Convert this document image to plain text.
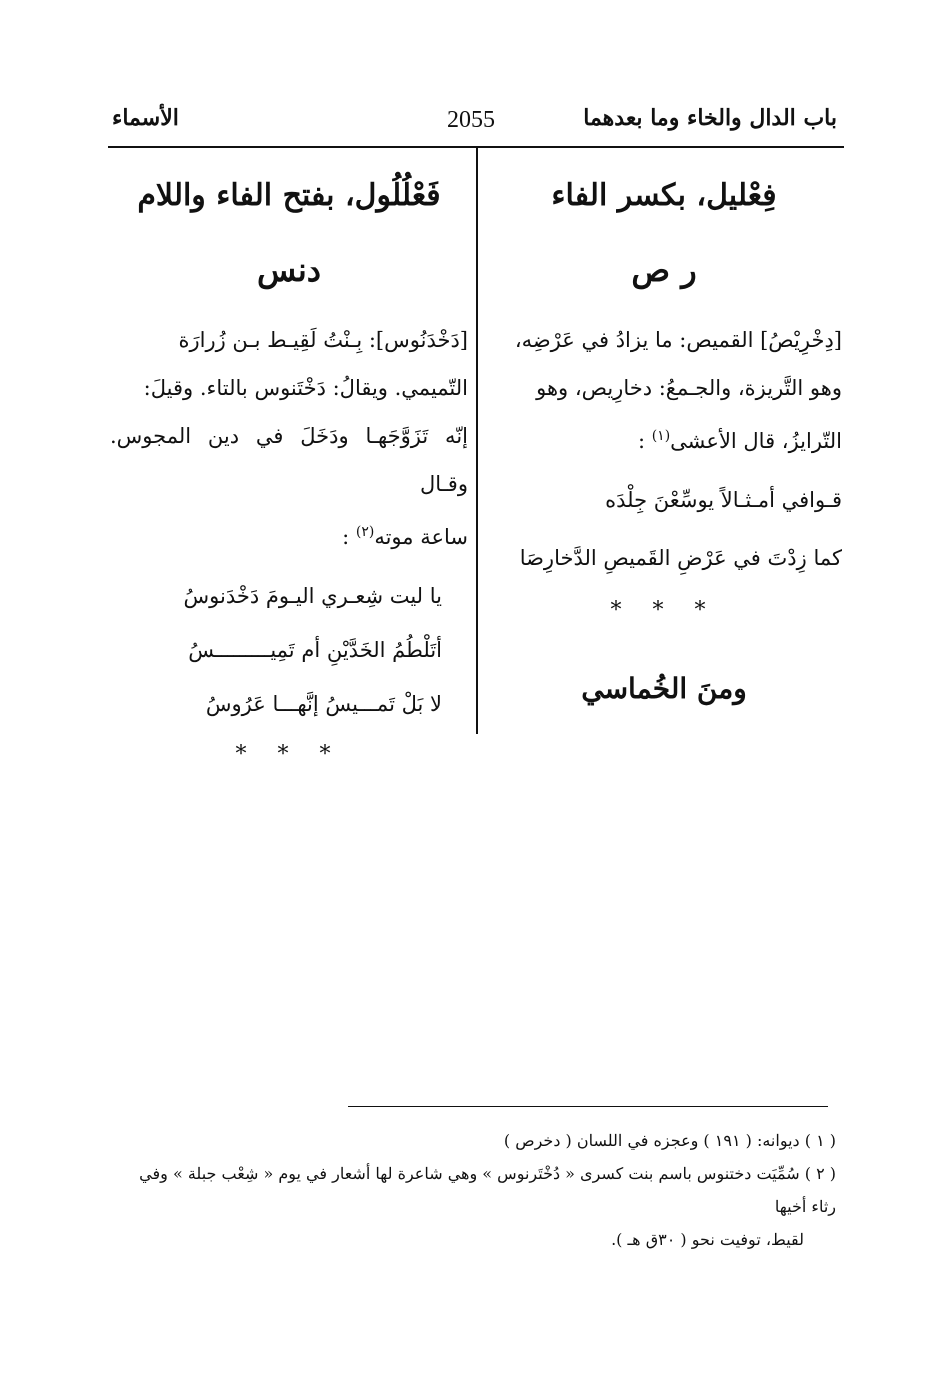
باب الدال والخاء وما بعدهما
2055
الأسماء
فِعْليل، بكسر الفاء
ر ص
[دِخْرِيْصُ] القميص: ما يزادُ في عَرْضِه،
وهو التَّريزة، والجـمعُ: دخارِيص، وهو
التّرايزُ، قال الأعشى$^{(١)}$ :
قـوافي أمـثـالاً يوسِّعْنَ جِلْدَه
كما زِدْتَ في عَرْضِ القَميصِ الدَّخارِصَا
* * *
ومنَ الخُماسي
فَعْلُلُول، بفتح الفاء واللام
دنس
[دَخْدَنُوس]: بِـنْتُ لَقِيـط بـن زُرارَة
التّميمي. ويقالُ: دَخْتَنوس بالتاء. وقيلَ:
إنّه تَزَوَّجَهـا ودَخَلَ في دين المجوس. وقـال
ساعة موته$^{(٢)}$ :
يا ليت شِعـري اليـومَ دَخْدَنوسُ
أتَلْطُمُ الخَدَّيْنِ أم تَمِيـــــــــسُ
لا بَلْ تَمـــيسُ إنَّهـــا عَرُوسُ
* * *
( ١ ) ديوانه: ( ١٩١ ) وعجزه في اللسان ( دخرص )
( ٢ ) سُمِّيَت دختنوس باسم بنت كسرى « دُخْتَرنوس » وهي شاعرة لها أشعار في يوم « شِعْب جبلة » وفي رثاء أخيها
لقيط، توفيت نحو ( ٣٠ق هـ ).
